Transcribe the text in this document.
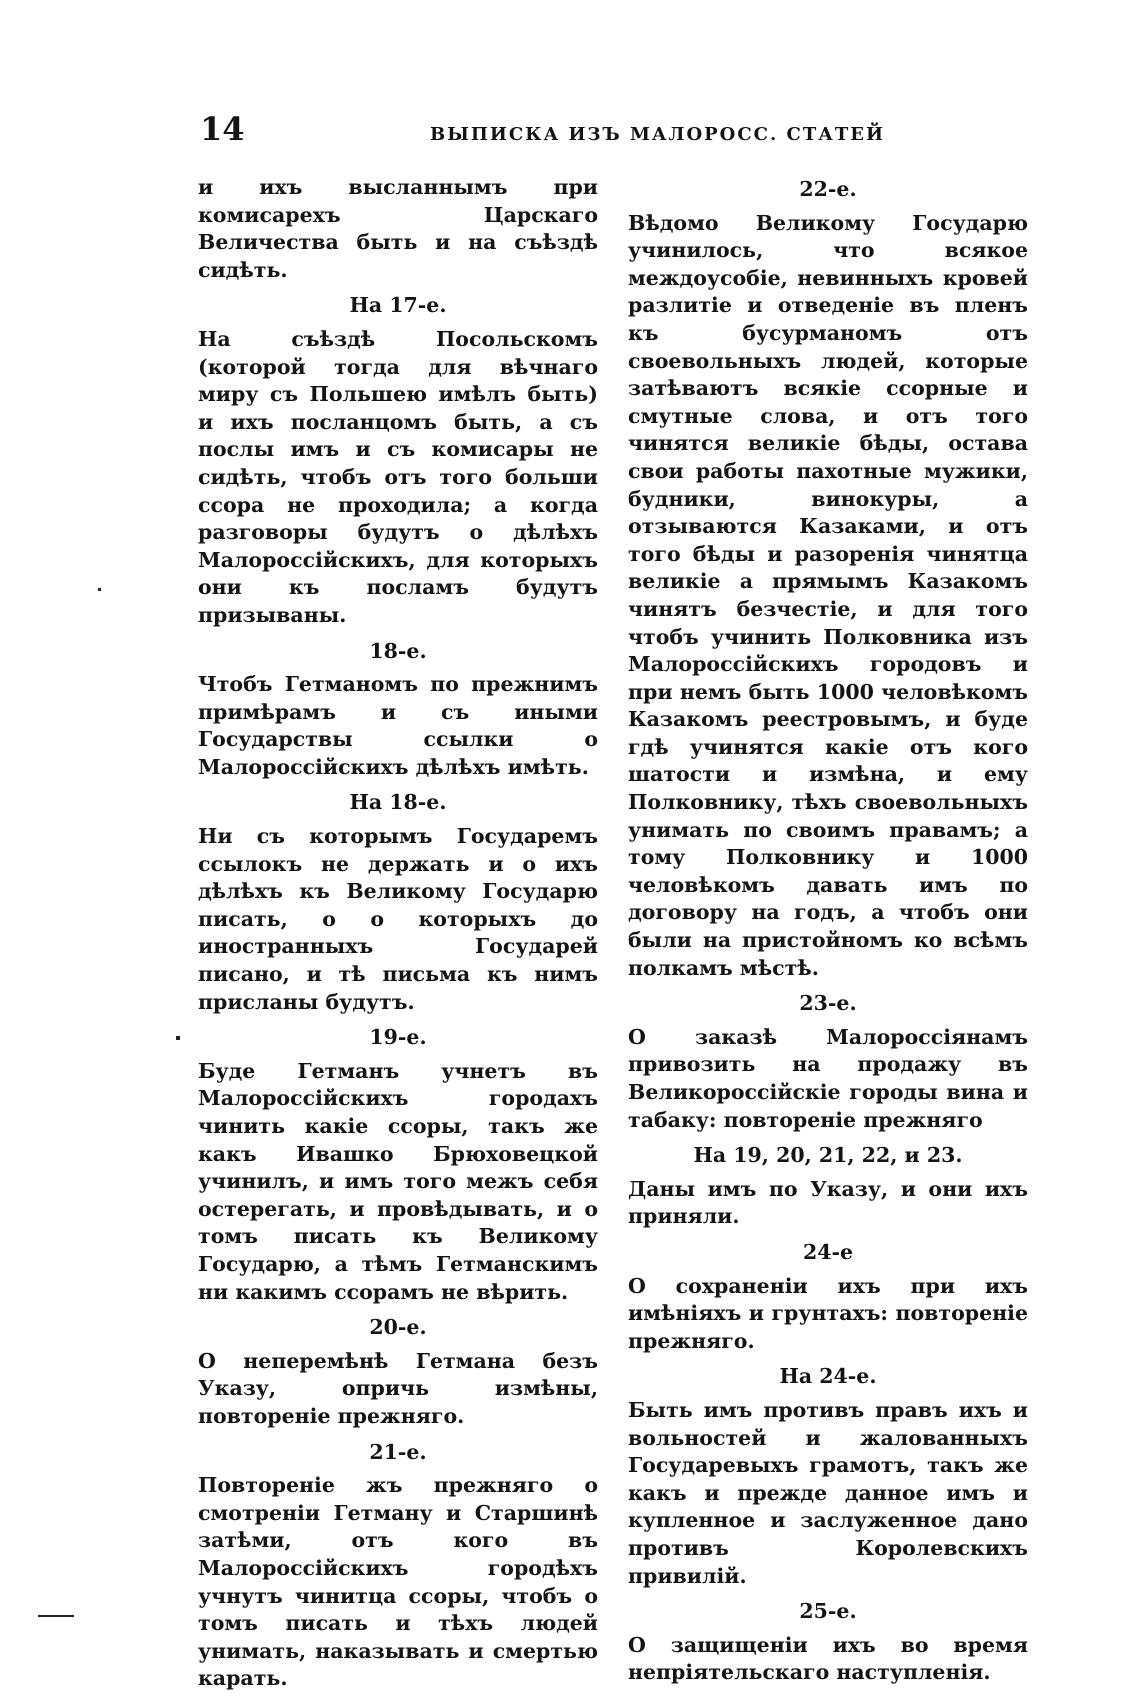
14	ВЫПИСКА ИЗЪ МАЛОРОСС. СТАТЕЙ
и ихъ высланнымъ при комисарехъ Царскаго Величества быть и на съѣздѣ сидѣть.
На 17-е.
На съѣздѣ Посольскомъ (которой тогда для вѣчнаго миру съ Польшею имѣлъ быть) и ихъ посланцомъ быть, а съ послы имъ и съ комисары не сидѣть, чтобъ отъ того больши ссора не проходила; а когда разговоры будутъ о дѣлѣхъ Малороссійскихъ, для которыхъ они къ посламъ будутъ призываны.
18-е.
Чтобъ Гетманомъ по прежнимъ примѣрамъ и съ иными Государствы ссылки о Малороссійскихъ дѣлѣхъ имѣть.
На 18-е.
Ни съ которымъ Государемъ ссылокъ не держать и о ихъ дѣлѣхъ къ Великому Государю писать, о о которыхъ до иностранныхъ Государей писано, и тѣ письма къ нимъ присланы будутъ.
19-е.
Буде Гетманъ учнетъ въ Малороссійскихъ городахъ чинить какіе ссоры, такъ же какъ Ивашко Брюховецкой учинилъ, и имъ того межъ себя остерегать, и провѣдывать, и о томъ писать къ Великому Государю, а тѣмъ Гетманскимъ ни какимъ ссорамъ не вѣрить.
20-е.
О неперемѣнѣ Гетмана безъ Указу, опричь измѣны, повтореніе прежняго.
21-е.
Повтореніе жъ прежняго о смотреніи Гетману и Старшинѣ затѣми, отъ кого въ Малороссійскихъ городѣхъ учнутъ чинитца ссоры, чтобъ о томъ писать и тѣхъ людей унимать, наказывать и смертью карать.
22-е.
Вѣдомо Великому Государю учинилось, что всякое междоусобіе, невинныхъ кровей разлитіе и отведеніе въ пленъ къ бусурманомъ отъ своевольныхъ людей, которые затѣваютъ всякіе ссорные и смутные слова, и отъ того чинятся великіе бѣды, остава свои работы пахотные мужики, будники, винокуры, а отзываются Казаками, и отъ того бѣды и разоренія чинятца великіе а прямымъ Казакомъ чинятъ безчестіе, и для того чтобъ учинить Полковника изъ Малороссійскихъ городовъ и при немъ быть 1000 человѣкомъ Казакомъ реестровымъ, и буде гдѣ учинятся какіе отъ кого шатости и измѣна, и ему Полковнику, тѣхъ своевольныхъ унимать по своимъ правамъ; а тому Полковнику и 1000 человѣкомъ давать имъ по договору на годъ, а чтобъ они были на пристойномъ ко всѣмъ полкамъ мѣстѣ.
23-е.
О заказѣ Малороссіянамъ привозить на продажу въ Великороссійскіе городы вина и табаку: повтореніе прежняго
На 19, 20, 21, 22, и 23.
Даны имъ по Указу, и они ихъ приняли.
24-е
О сохраненіи ихъ при ихъ имѣніяхъ и грунтахъ: повтореніе прежняго.
На 24-е.
Быть имъ противъ правъ ихъ и вольностей и жалованныхъ Государевыхъ грамотъ, такъ же какъ и прежде данное имъ и купленное и заслуженное дано противъ Королевскихъ привилій.
25-е.
О защищеніи ихъ во время непріятельскаго наступленія.
